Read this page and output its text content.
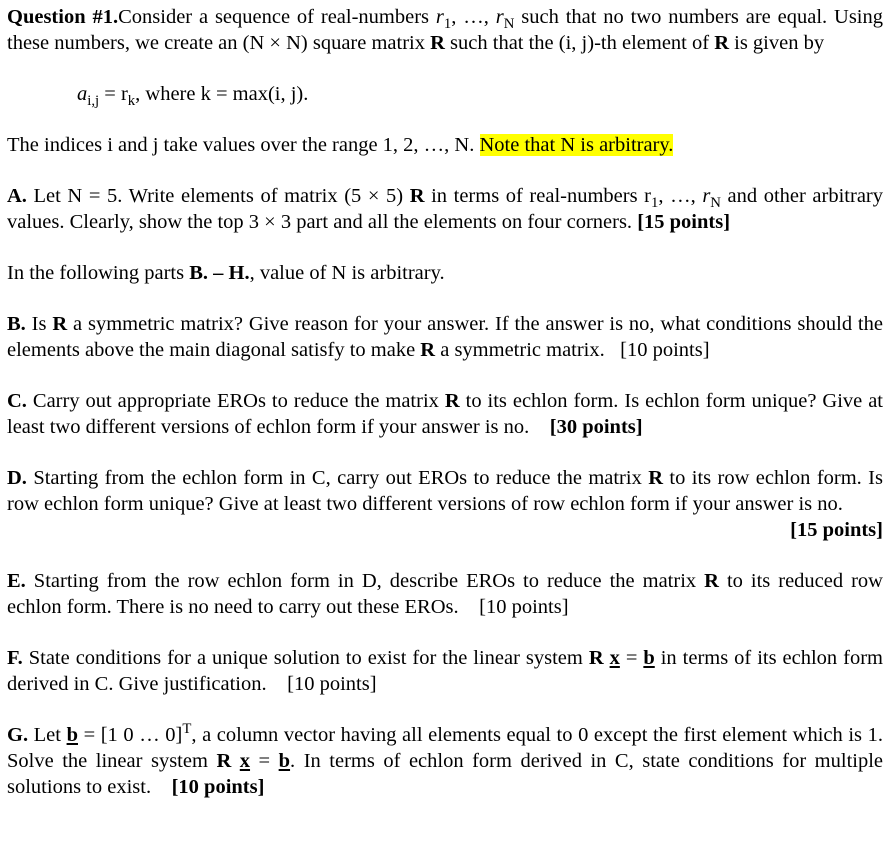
Question #1.Consider a sequence of real-numbers $r_1$, …, $r_N$ such that no two numbers are equal. Using these numbers, we create an (N × N) square matrix R such that the (i, j)-th element of R is given by

$a_{i,j} = r_k$, where k = max(i, j).

The indices i and j take values over the range 1, 2, …, N. Note that N is arbitrary.

A. Let N = 5. Write elements of matrix (5 × 5) R in terms of real-numbers $r_1$, …, $r_N$ and other arbitrary values. Clearly, show the top 3 × 3 part and all the elements on four corners. [15 points]

In the following parts B. – H., value of N is arbitrary.

B. Is R a symmetric matrix? Give reason for your answer. If the answer is no, what conditions should the elements above the main diagonal satisfy to make R a symmetric matrix. [10 points]

C. Carry out appropriate EROs to reduce the matrix R to its echlon form. Is echlon form unique? Give at least two different versions of echlon form if your answer is no. [30 points]

D. Starting from the echlon form in C, carry out EROs to reduce the matrix R to its row echlon form. Is row echlon form unique? Give at least two different versions of row echlon form if your answer is no.

[15 points]

E. Starting from the row echlon form in D, describe EROs to reduce the matrix R to its reduced row echlon form. There is no need to carry out these EROs. [10 points]

F. State conditions for a unique solution to exist for the linear system R x = b in terms of its echlon form derived in C. Give justification. [10 points]

G. Let b = [1 0 … 0]$^T$, a column vector having all elements equal to 0 except the first element which is 1. Solve the linear system R x = b. In terms of echlon form derived in C, state conditions for multiple solutions to exist. [10 points]
